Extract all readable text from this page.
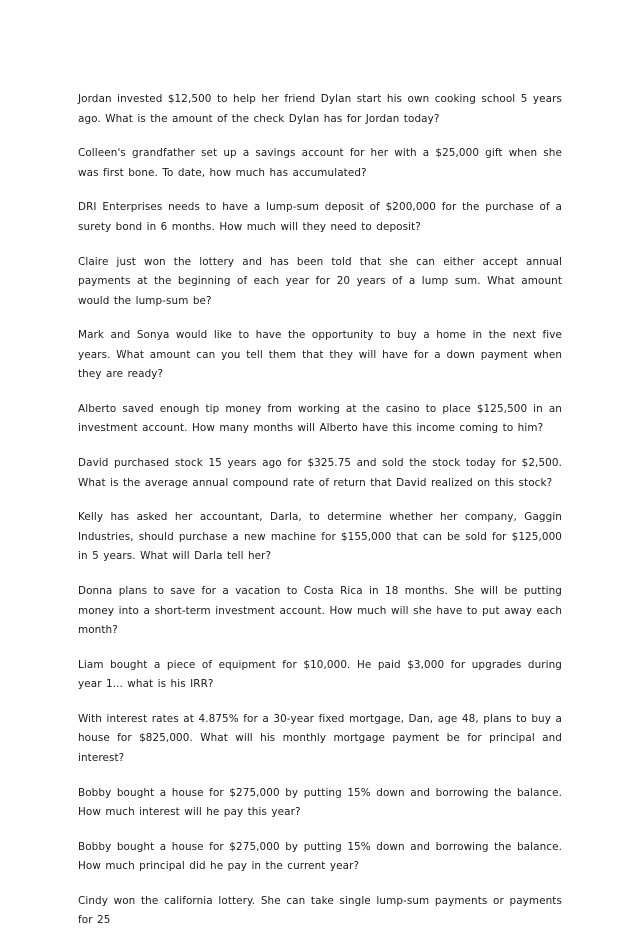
Jordan invested $12,500 to help her friend Dylan start his own cooking school 5 years ago. What is the amount of the check Dylan has for Jordan today?

Colleen's grandfather set up a savings account for her with a $25,000 gift when she was first bone. To date, how much has accumulated?

DRI Enterprises needs to have a lump-sum deposit of $200,000 for the purchase of a surety bond in 6 months. How much will they need to deposit?

Claire just won the lottery and has been told that she can either accept annual payments at the beginning of each year for 20 years of a lump sum. What amount would the lump-sum be?

Mark and Sonya would like to have the opportunity to buy a home in the next five years. What amount can you tell them that they will have for a down payment when they are ready?

Alberto saved enough tip money from working at the casino to place $125,500 in an investment account. How many months will Alberto have this income coming to him?

David purchased stock 15 years ago for $325.75 and sold the stock today for $2,500. What is the average annual compound rate of return that David realized on this stock?

Kelly has asked her accountant, Darla, to determine whether her company, Gaggin Industries, should purchase a new machine for $155,000 that can be sold for $125,000 in 5 years. What will Darla tell her?

Donna plans to save for a vacation to Costa Rica in 18 months. She will be putting money into a short-term investment account. How much will she have to put away each month?

Liam bought a piece of equipment for $10,000. He paid $3,000 for upgrades during year 1... what is his IRR?

With interest rates at 4.875% for a 30-year fixed mortgage, Dan, age 48, plans to buy a house for $825,000. What will his monthly mortgage payment be for principal and interest?

Bobby bought a house for $275,000 by putting 15% down and borrowing the balance. How much interest will he pay this year?

Bobby bought a house for $275,000 by putting 15% down and borrowing the balance. How much principal did he pay in the current year?

Cindy won the california lottery. She can take single lump-sum payments or payments for 25
